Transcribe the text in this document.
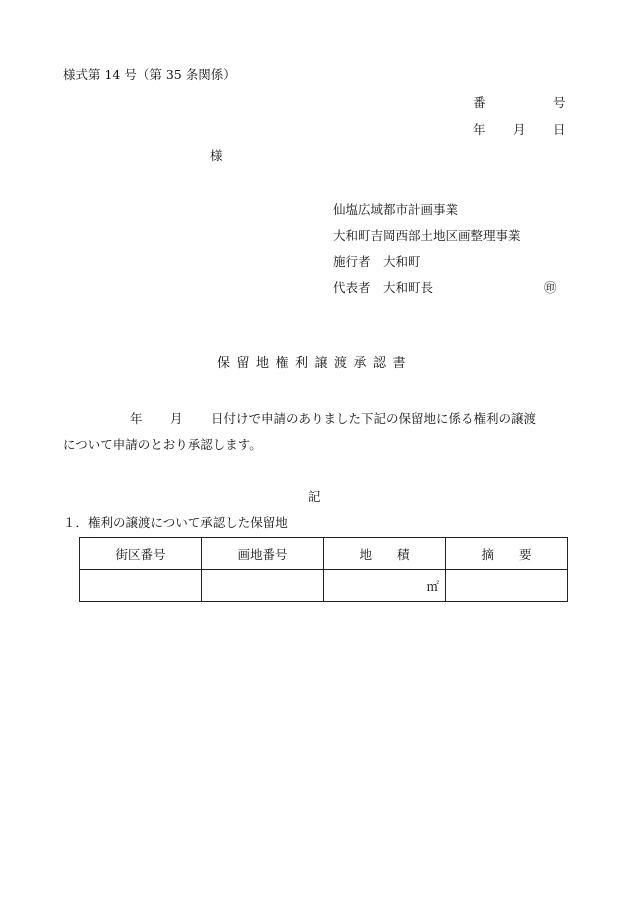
様式第 14 号（第 35 条関係）
番	号
年 月 日
様
仙塩広域都市計画事業
大和町吉岡西部土地区画整理事業
施行者　大和町
代表者　大和町長	㊞
保留地権利譲渡承認書
年 月 日付けで申請のありました下記の保留地に係る権利の譲渡
について申請のとおり承認します。
記
１．権利の譲渡について承認した保留地
街区番号	画地番号	地　　積	摘　　要
		㎡	
